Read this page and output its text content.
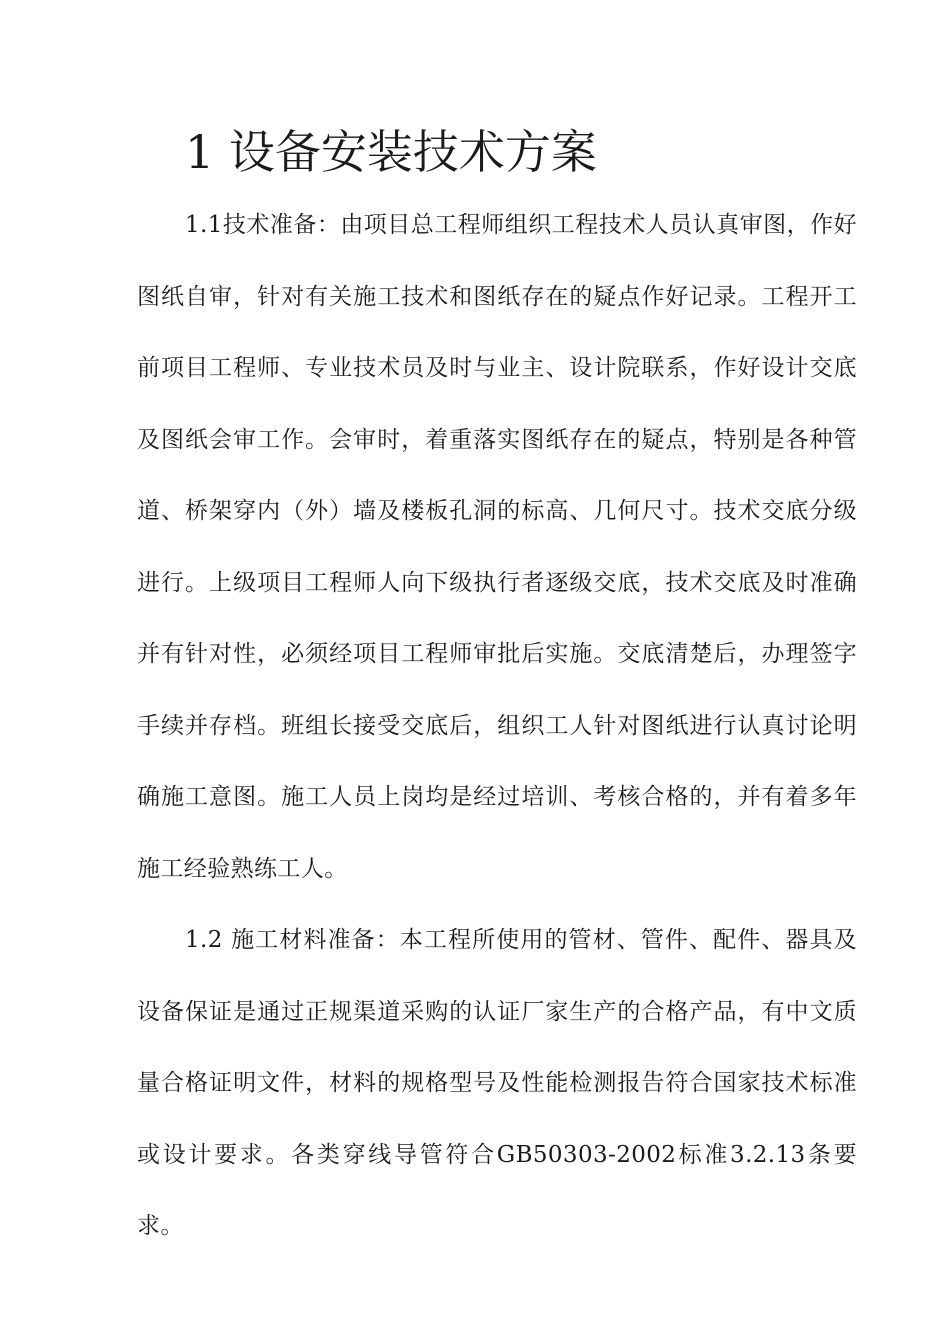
1 设备安装技术方案

1.1技术准备：由项目总工程师组织工程技术人员认真审图，作好图纸自审，针对有关施工技术和图纸存在的疑点作好记录。工程开工前项目工程师、专业技术员及时与业主、设计院联系，作好设计交底及图纸会审工作。会审时，着重落实图纸存在的疑点，特别是各种管道、桥架穿内（外）墙及楼板孔洞的标高、几何尺寸。技术交底分级进行。上级项目工程师人向下级执行者逐级交底，技术交底及时准确并有针对性，必须经项目工程师审批后实施。交底清楚后，办理签字手续并存档。班组长接受交底后，组织工人针对图纸进行认真讨论明确施工意图。施工人员上岗均是经过培训、考核合格的，并有着多年施工经验熟练工人。

1.2 施工材料准备：本工程所使用的管材、管件、配件、器具及设备保证是通过正规渠道采购的认证厂家生产的合格产品，有中文质量合格证明文件，材料的规格型号及性能检测报告符合国家技术标准或设计要求。各类穿线导管符合GB50303-2002标准3.2.13条要求。
